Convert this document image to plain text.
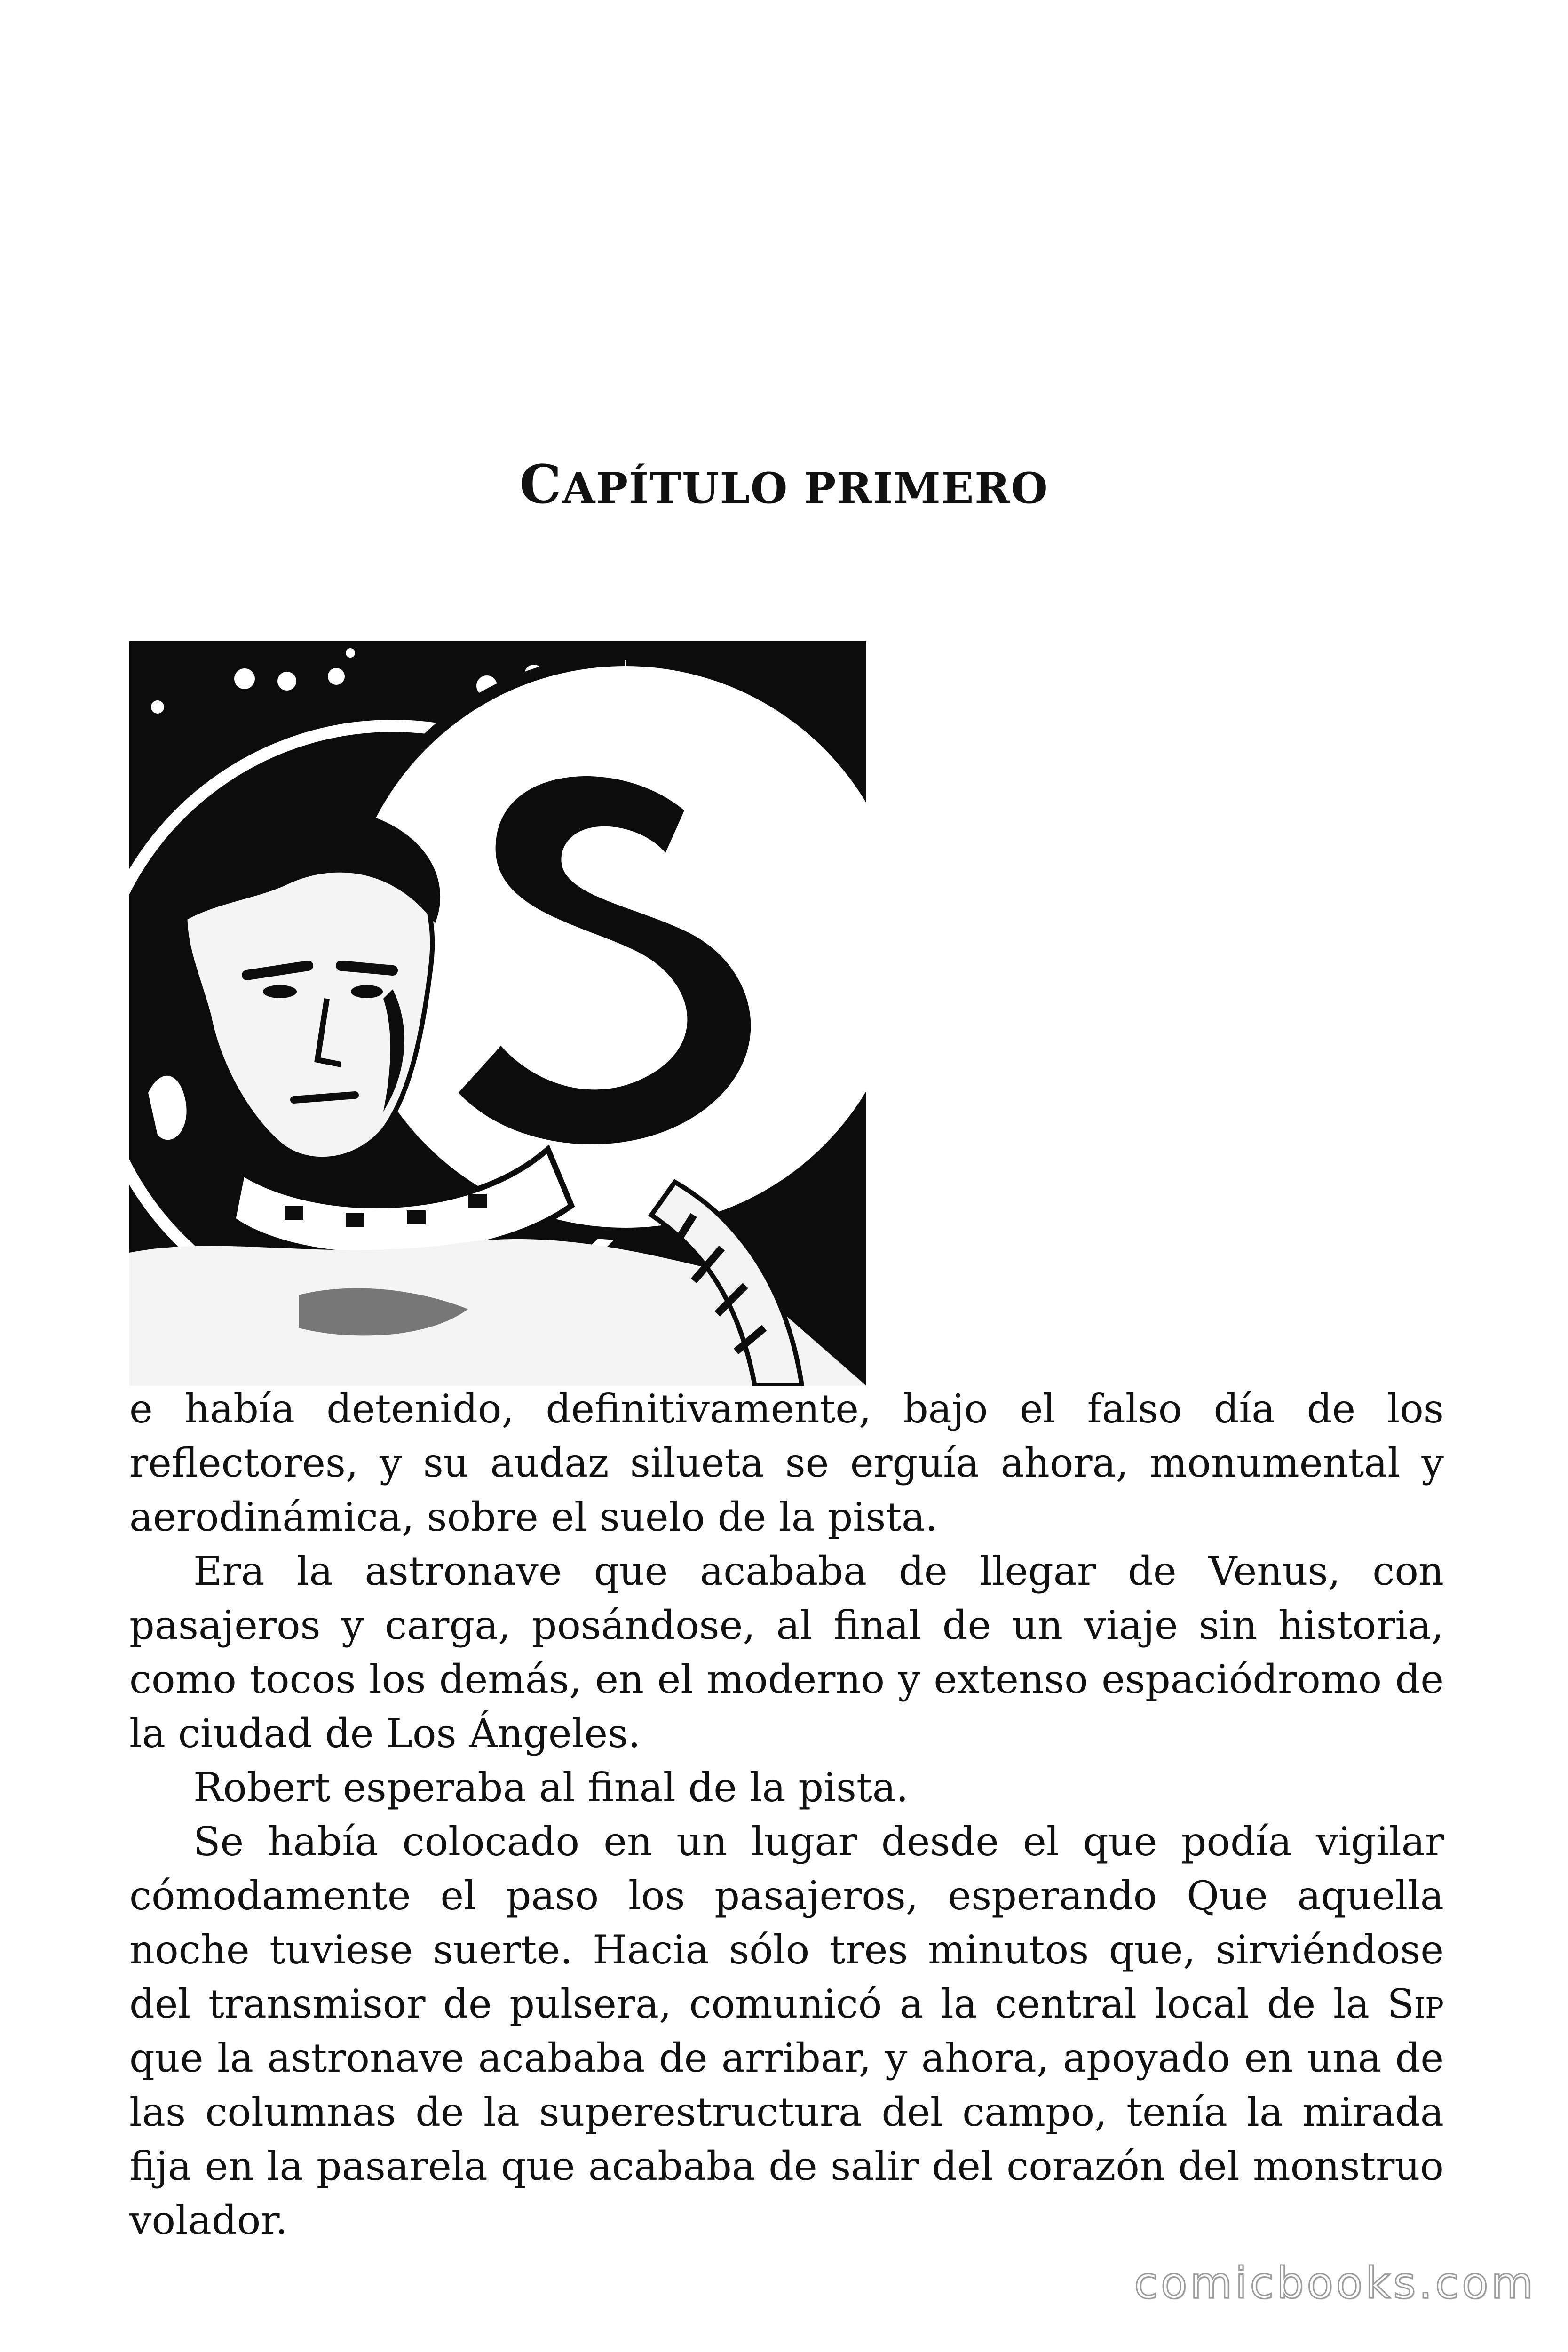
CAPÍTULO PRIMERO

e había detenido, definitivamente, bajo el falso día de los reflectores, y su audaz silueta se erguía ahora, monumental y aerodinámica, sobre el suelo de la pista.

Era la astronave que acababa de llegar de Venus, con pasajeros y carga, posándose, al final de un viaje sin historia, como tocos los demás, en el moderno y extenso espaciódromo de la ciudad de Los Ángeles.

Robert esperaba al final de la pista.

Se había colocado en un lugar desde el que podía vigilar cómodamente el paso los pasajeros, esperando Que aquella noche tuviese suerte. Hacia sólo tres minutos que, sirviéndose del transmisor de pulsera, comunicó a la central local de la Sip que la astronave acababa de arribar, y ahora, apoyado en una de las columnas de la superestructura del campo, tenía la mirada fija en la pasarela que acababa de salir del corazón del monstruo volador.

comicbooks.com
